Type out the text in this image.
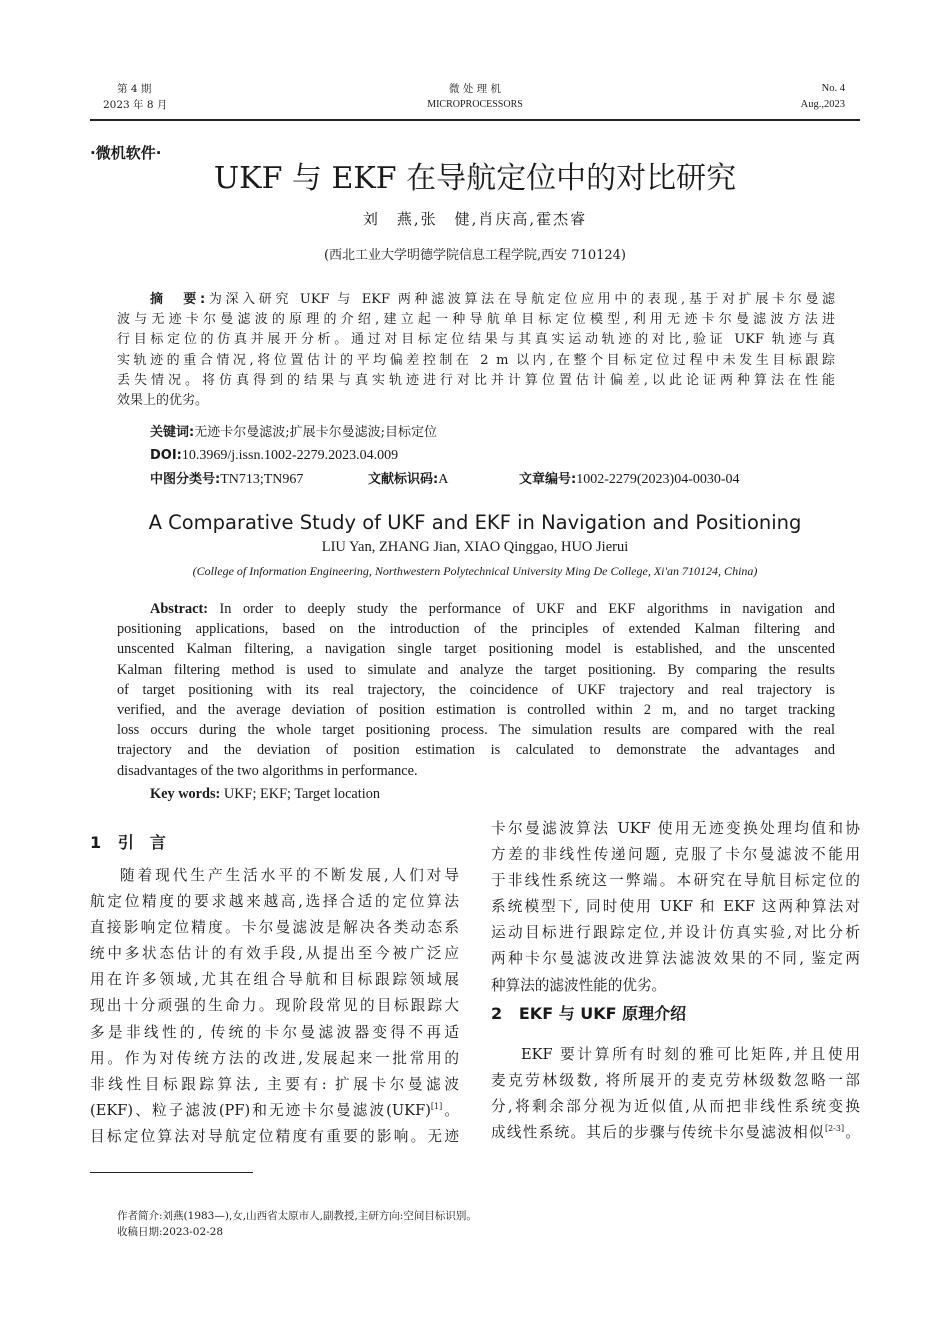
第 4 期
2023 年 8 月
微 处 理 机
MICROPROCESSORS
No. 4
Aug.,2023
·微机软件·
UKF 与 EKF 在导航定位中的对比研究
刘　燕,张　健,肖庆高,霍杰睿
(西北工业大学明德学院信息工程学院,西安 710124)
摘　要:为深入研究 UKF 与 EKF 两种滤波算法在导航定位应用中的表现,基于对扩展卡尔曼滤
波与无迹卡尔曼滤波的原理的介绍,建立起一种导航单目标定位模型,利用无迹卡尔曼滤波方法进
行目标定位的仿真并展开分析。通过对目标定位结果与其真实运动轨迹的对比,验证 UKF 轨迹与真
实轨迹的重合情况,将位置估计的平均偏差控制在 2 m 以内,在整个目标定位过程中未发生目标跟踪
丢失情况。将仿真得到的结果与真实轨迹进行对比并计算位置估计偏差,以此论证两种算法在性能
效果上的优劣。
关键词:无迹卡尔曼滤波;扩展卡尔曼滤波;目标定位
DOI:10.3969/j.issn.1002-2279.2023.04.009
中图分类号:TN713;TN967	文献标识码:A	文章编号:1002-2279(2023)04-0030-04
A Comparative Study of UKF and EKF in Navigation and Positioning
LIU Yan, ZHANG Jian, XIAO Qinggao, HUO Jierui
(College of Information Engineering, Northwestern Polytechnical University Ming De College, Xi'an 710124, China)
Abstract: In order to deeply study the performance of UKF and EKF algorithms in navigation and
positioning applications, based on the introduction of the principles of extended Kalman filtering and
unscented Kalman filtering, a navigation single target positioning model is established, and the unscented
Kalman filtering method is used to simulate and analyze the target positioning. By comparing the results
of target positioning with its real trajectory, the coincidence of UKF trajectory and real trajectory is
verified, and the average deviation of position estimation is controlled within 2 m, and no target tracking
loss occurs during the whole target positioning process. The simulation results are compared with the real
trajectory and the deviation of position estimation is calculated to demonstrate the advantages and
disadvantages of the two algorithms in performance.
Key words: UKF; EKF; Target location
1 引　言
随着现代生产生活水平的不断发展,人们对导
航定位精度的要求越来越高,选择合适的定位算法
直接影响定位精度。卡尔曼滤波是解决各类动态系
统中多状态估计的有效手段,从提出至今被广泛应
用在许多领域,尤其在组合导航和目标跟踪领域展
现出十分顽强的生命力。现阶段常见的目标跟踪大
多是非线性的, 传统的卡尔曼滤波器变得不再适
用。作为对传统方法的改进,发展起来一批常用的
非线性目标跟踪算法, 主要有: 扩展卡尔曼滤波
(EKF)、粒子滤波(PF)和无迹卡尔曼滤波(UKF)[1]。
目标定位算法对导航定位精度有重要的影响。无迹
卡尔曼滤波算法 UKF 使用无迹变换处理均值和协
方差的非线性传递问题, 克服了卡尔曼滤波不能用
于非线性系统这一弊端。本研究在导航目标定位的
系统模型下, 同时使用 UKF 和 EKF 这两种算法对
运动目标进行跟踪定位,并设计仿真实验,对比分析
两种卡尔曼滤波改进算法滤波效果的不同, 鉴定两
种算法的滤波性能的优劣。
2 EKF 与 UKF 原理介绍
EKF 要计算所有时刻的雅可比矩阵,并且使用
麦克劳林级数, 将所展开的麦克劳林级数忽略一部
分,将剩余部分视为近似值,从而把非线性系统变换
成线性系统。其后的步骤与传统卡尔曼滤波相似[2-3]。
作者简介:刘燕(1983—),女,山西省太原市人,副教授,主研方向:空间目标识别。
收稿日期:2023-02-28
